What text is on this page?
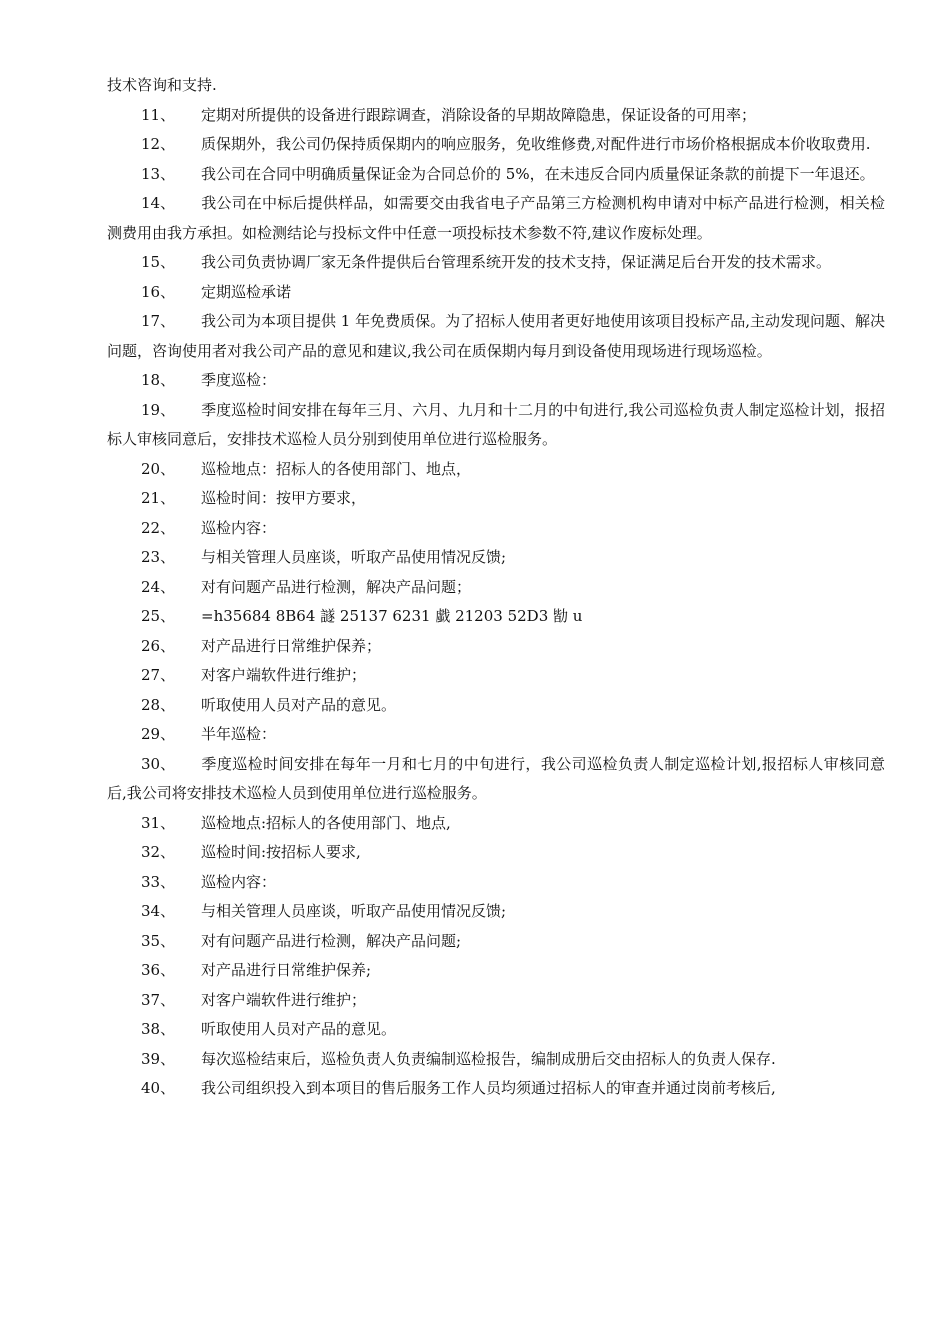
技术咨询和支持.

11、 定期对所提供的设备进行跟踪调查，消除设备的早期故障隐患，保证设备的可用率；

12、 质保期外，我公司仍保持质保期内的响应服务，免收维修费,对配件进行市场价格根据成本价收取费用.

13、 我公司在合同中明确质量保证金为合同总价的 5%，在未违反合同内质量保证条款的前提下一年退还。

14、 我公司在中标后提供样品，如需要交由我省电子产品第三方检测机构申请对中标产品进行检测，相关检测费用由我方承担。如检测结论与投标文件中任意一项投标技术参数不符,建议作废标处理。

15、 我公司负责协调厂家无条件提供后台管理系统开发的技术支持，保证满足后台开发的技术需求。

16、 定期巡检承诺

17、 我公司为本项目提供 1 年免费质保。为了招标人使用者更好地使用该项目投标产品,主动发现问题、解决问题，咨询使用者对我公司产品的意见和建议,我公司在质保期内每月到设备使用现场进行现场巡检。

18、 季度巡检：

19、 季度巡检时间安排在每年三月、六月、九月和十二月的中旬进行,我公司巡检负责人制定巡检计划，报招标人审核同意后，安排技术巡检人员分别到使用单位进行巡检服务。

20、 巡检地点：招标人的各使用部门、地点，

21、 巡检时间：按甲方要求，

22、 巡检内容：

23、 与相关管理人员座谈，听取产品使用情况反馈;

24、 对有问题产品进行检测，解决产品问题；

25、 =h35684 8B64 譢 25137 6231 戱 21203 52D3 勓 u

26、 对产品进行日常维护保养；

27、 对客户端软件进行维护；

28、 听取使用人员对产品的意见。

29、 半年巡检：

30、 季度巡检时间安排在每年一月和七月的中旬进行，我公司巡检负责人制定巡检计划,报招标人审核同意后,我公司将安排技术巡检人员到使用单位进行巡检服务。

31、 巡检地点:招标人的各使用部门、地点,

32、 巡检时间:按招标人要求,

33、 巡检内容：

34、 与相关管理人员座谈，听取产品使用情况反馈;

35、 对有问题产品进行检测，解决产品问题;

36、 对产品进行日常维护保养;

37、 对客户端软件进行维护；

38、 听取使用人员对产品的意见。

39、 每次巡检结束后，巡检负责人负责编制巡检报告，编制成册后交由招标人的负责人保存.

40、 我公司组织投入到本项目的售后服务工作人员均须通过招标人的审查并通过岗前考核后,
